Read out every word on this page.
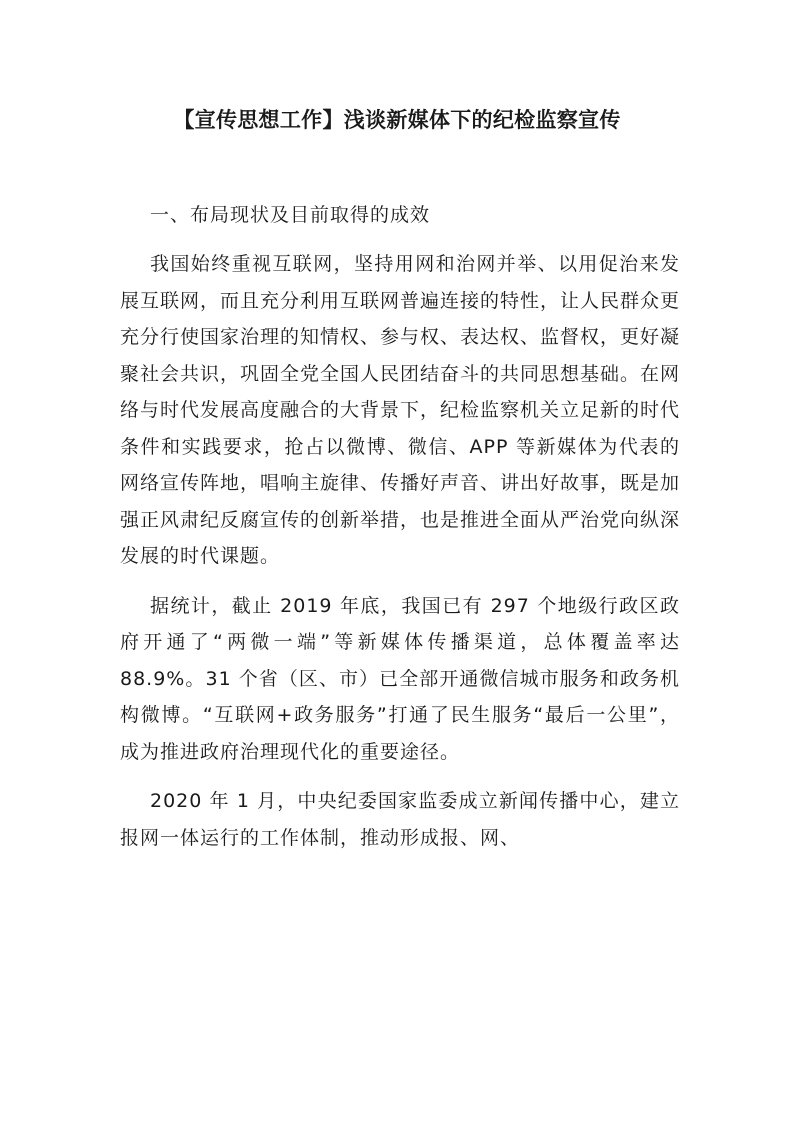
【宣传思想工作】浅谈新媒体下的纪检监察宣传

一、布局现状及目前取得的成效

我国始终重视互联网，坚持用网和治网并举、以用促治来发展互联网，而且充分利用互联网普遍连接的特性，让人民群众更充分行使国家治理的知情权、参与权、表达权、监督权，更好凝聚社会共识，巩固全党全国人民团结奋斗的共同思想基础。在网络与时代发展高度融合的大背景下，纪检监察机关立足新的时代条件和实践要求，抢占以微博、微信、APP 等新媒体为代表的网络宣传阵地，唱响主旋律、传播好声音、讲出好故事，既是加强正风肃纪反腐宣传的创新举措，也是推进全面从严治党向纵深发展的时代课题。

据统计，截止 2019 年底，我国已有 297 个地级行政区政府开通了“两微一端”等新媒体传播渠道，总体覆盖率达 88.9%。31 个省（区、市）已全部开通微信城市服务和政务机构微博。“互联网+政务服务”打通了民生服务“最后一公里”，成为推进政府治理现代化的重要途径。

2020 年 1 月，中央纪委国家监委成立新闻传播中心，建立报网一体运行的工作体制，推动形成报、网、
